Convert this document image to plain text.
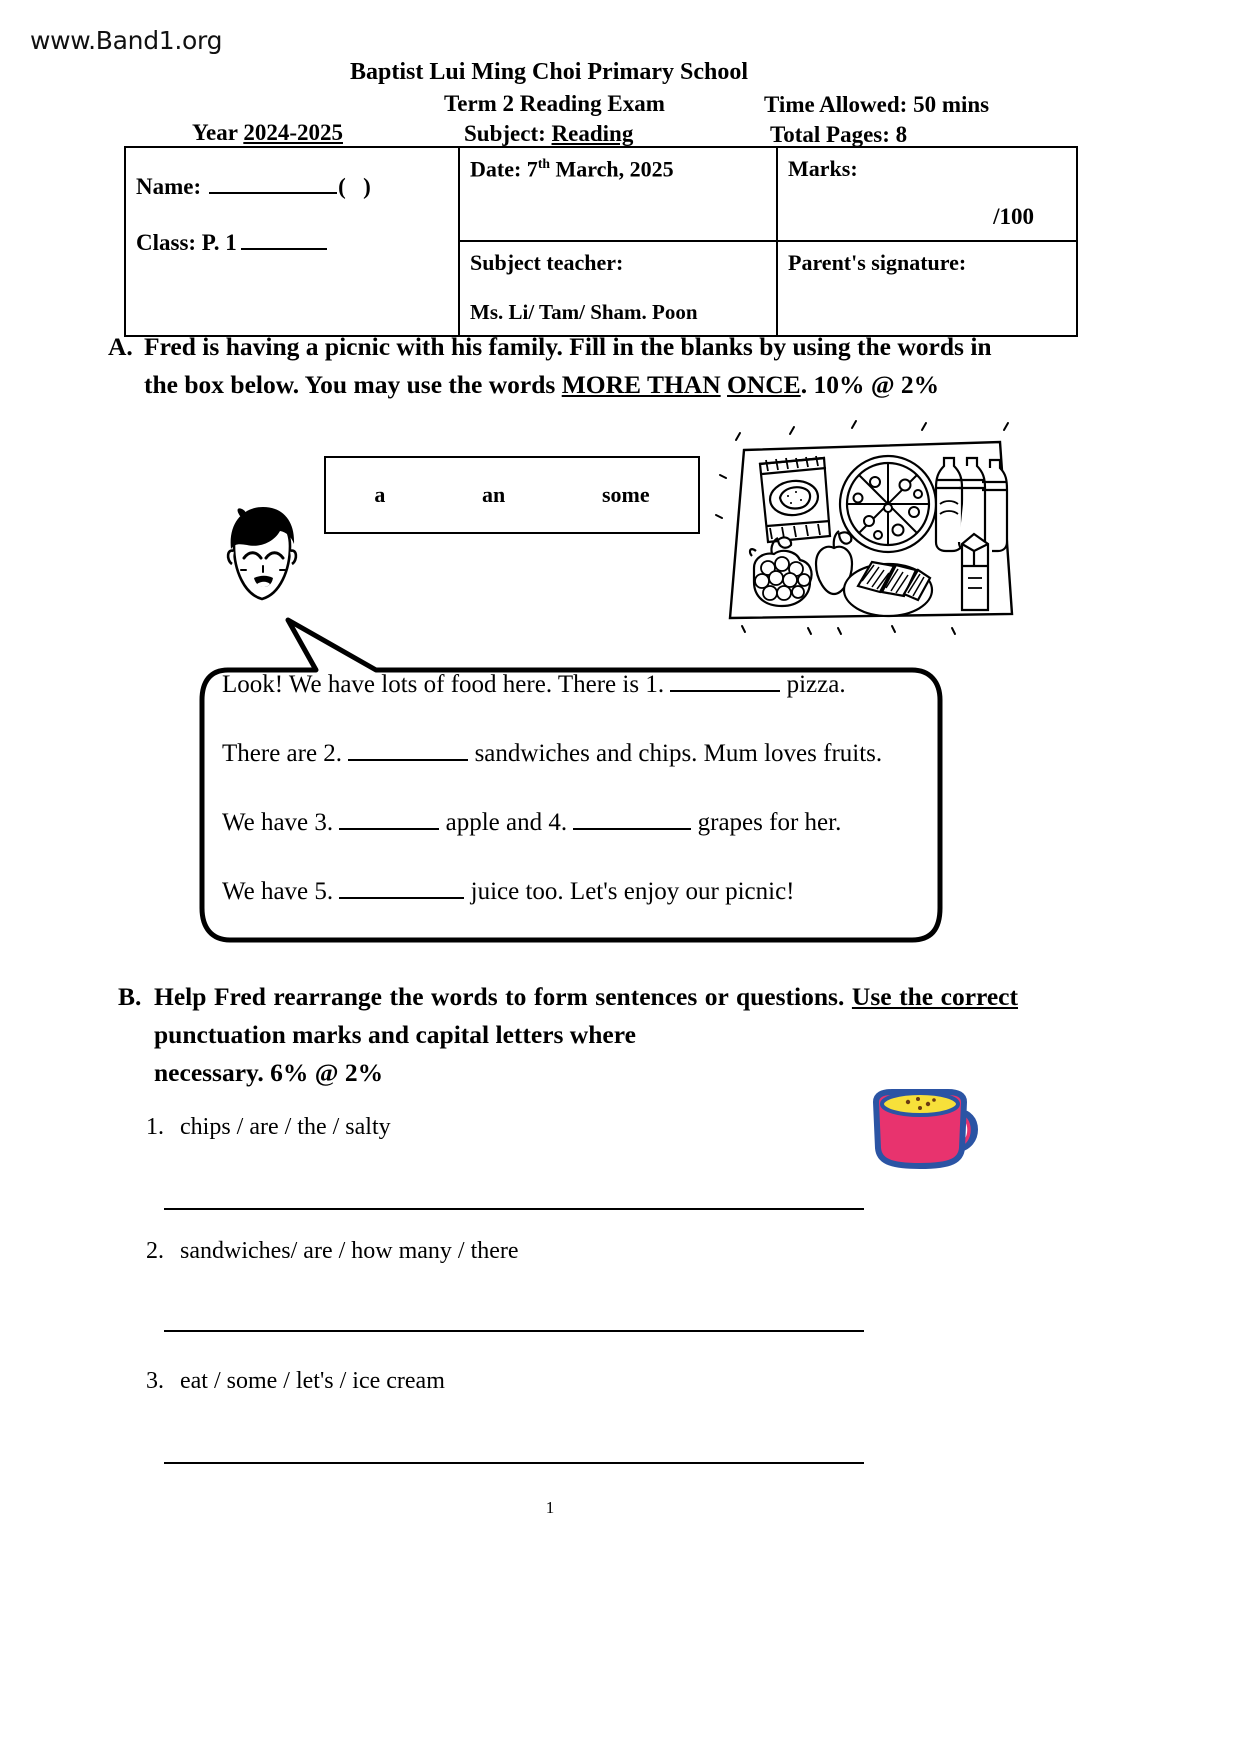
www.Band1.org
Baptist Lui Ming Choi Primary School
Term 2 Reading Exam	Time Allowed: 50 mins
Year 2024-2025	Subject: Reading	Total Pages: 8
Name:	( )
Class: P. 1
	Date: 7th March, 2025	Marks:
/100

	Subject teacher:
Ms. Li/ Tam/ Sham. Poon	Parent's signature:
A. Fred is having a picnic with his family. Fill in the blanks by using the words in the box below. You may use the words MORE THAN ONCE. 10% @ 2%
a	an	some
Look! We have lots of food here. There is 1.	pizza.
There are 2.	sandwiches and chips. Mum loves fruits.
We have 3.	apple and 4.	grapes for her.
We have 5.	juice too. Let's enjoy our picnic!
B. Help Fred rearrange the words to form sentences or questions. Use the correct punctuation marks and capital letters where
necessary. 6% @ 2%
1. chips / are / the / salty
2. sandwiches/ are / how many / there
3. eat / some / let's / ice cream
1
